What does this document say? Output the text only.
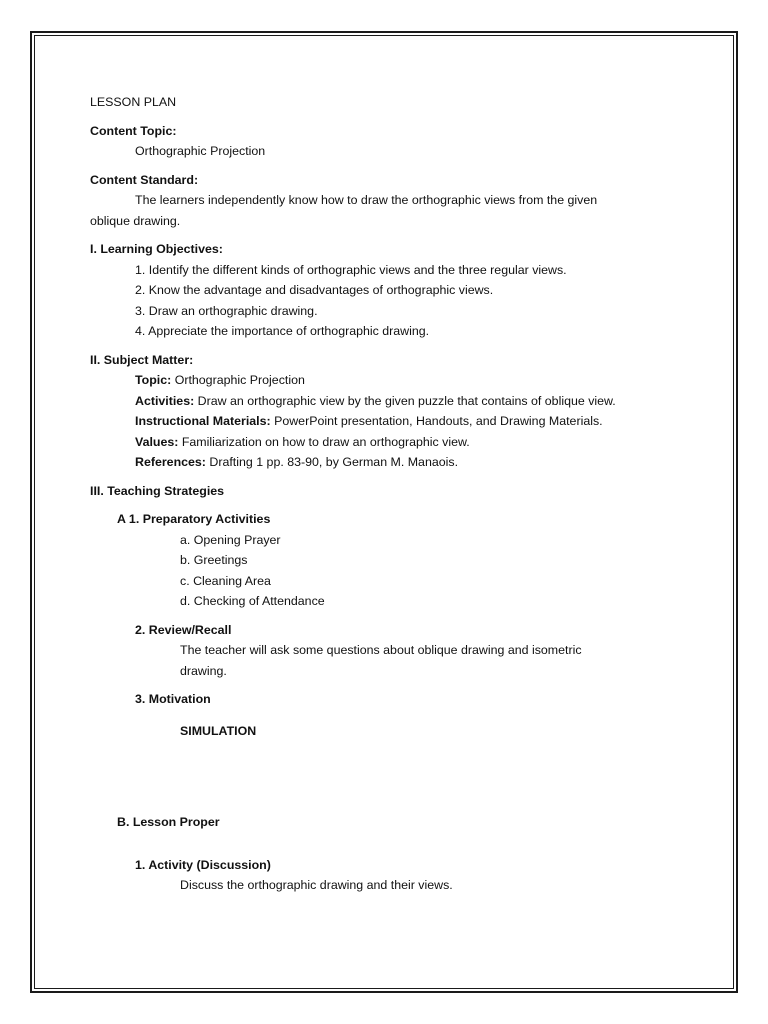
LESSON PLAN
Content Topic:
Orthographic Projection
Content Standard:
The learners independently know how to draw the orthographic views from the given
oblique drawing.
I. Learning Objectives:
1. Identify the different kinds of orthographic views and the three regular views.
2. Know the advantage and disadvantages of orthographic views.
3. Draw an orthographic drawing.
4. Appreciate the importance of orthographic drawing.
II. Subject Matter:
Topic: Orthographic Projection
Activities: Draw an orthographic view by the given puzzle that contains of oblique view.
Instructional Materials: PowerPoint presentation, Handouts, and Drawing Materials.
Values: Familiarization on how to draw an orthographic view.
References: Drafting 1 pp. 83-90, by German M. Manaois.
III. Teaching Strategies
A 1. Preparatory Activities
a. Opening Prayer
b. Greetings
c. Cleaning Area
d. Checking of Attendance
2. Review/Recall
The teacher will ask some questions about oblique drawing and isometric
drawing.
3. Motivation
SIMULATION
B. Lesson Proper
1. Activity (Discussion)
Discuss the orthographic drawing and their views.
